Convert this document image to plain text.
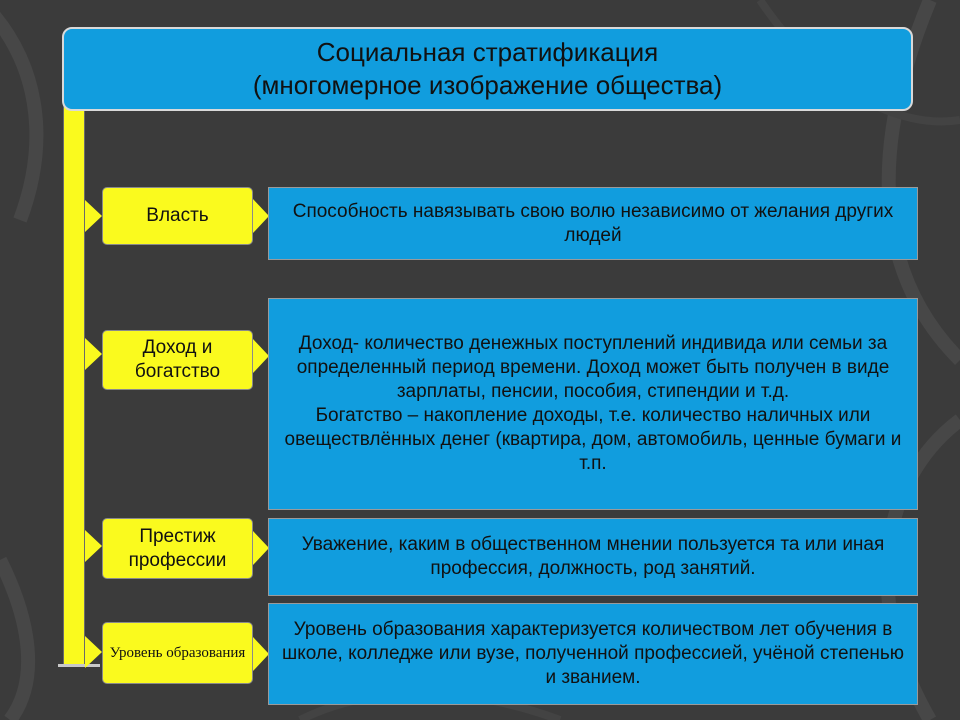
Социальная стратификация
(многомерное изображение общества)
Власть	Способность навязывать свою волю независимо от желания других людей
Доход и богатство
Доход- количество денежных поступлений индивида или семьи за определенный период времени. Доход может быть получен в виде зарплаты, пенсии, пособия, стипендии и т.д.
Богатство – накопление доходы, т.е. количество наличных или овеществлённых денег (квартира, дом, автомобиль, ценные бумаги и т.п.
Престиж профессии
Уважение, каким в общественном мнении пользуется та или иная профессия, должность, род занятий.
Уровень образования
Уровень образования характеризуется количеством лет обучения в школе, колледже или вузе, полученной профессией, учёной степенью и званием.
